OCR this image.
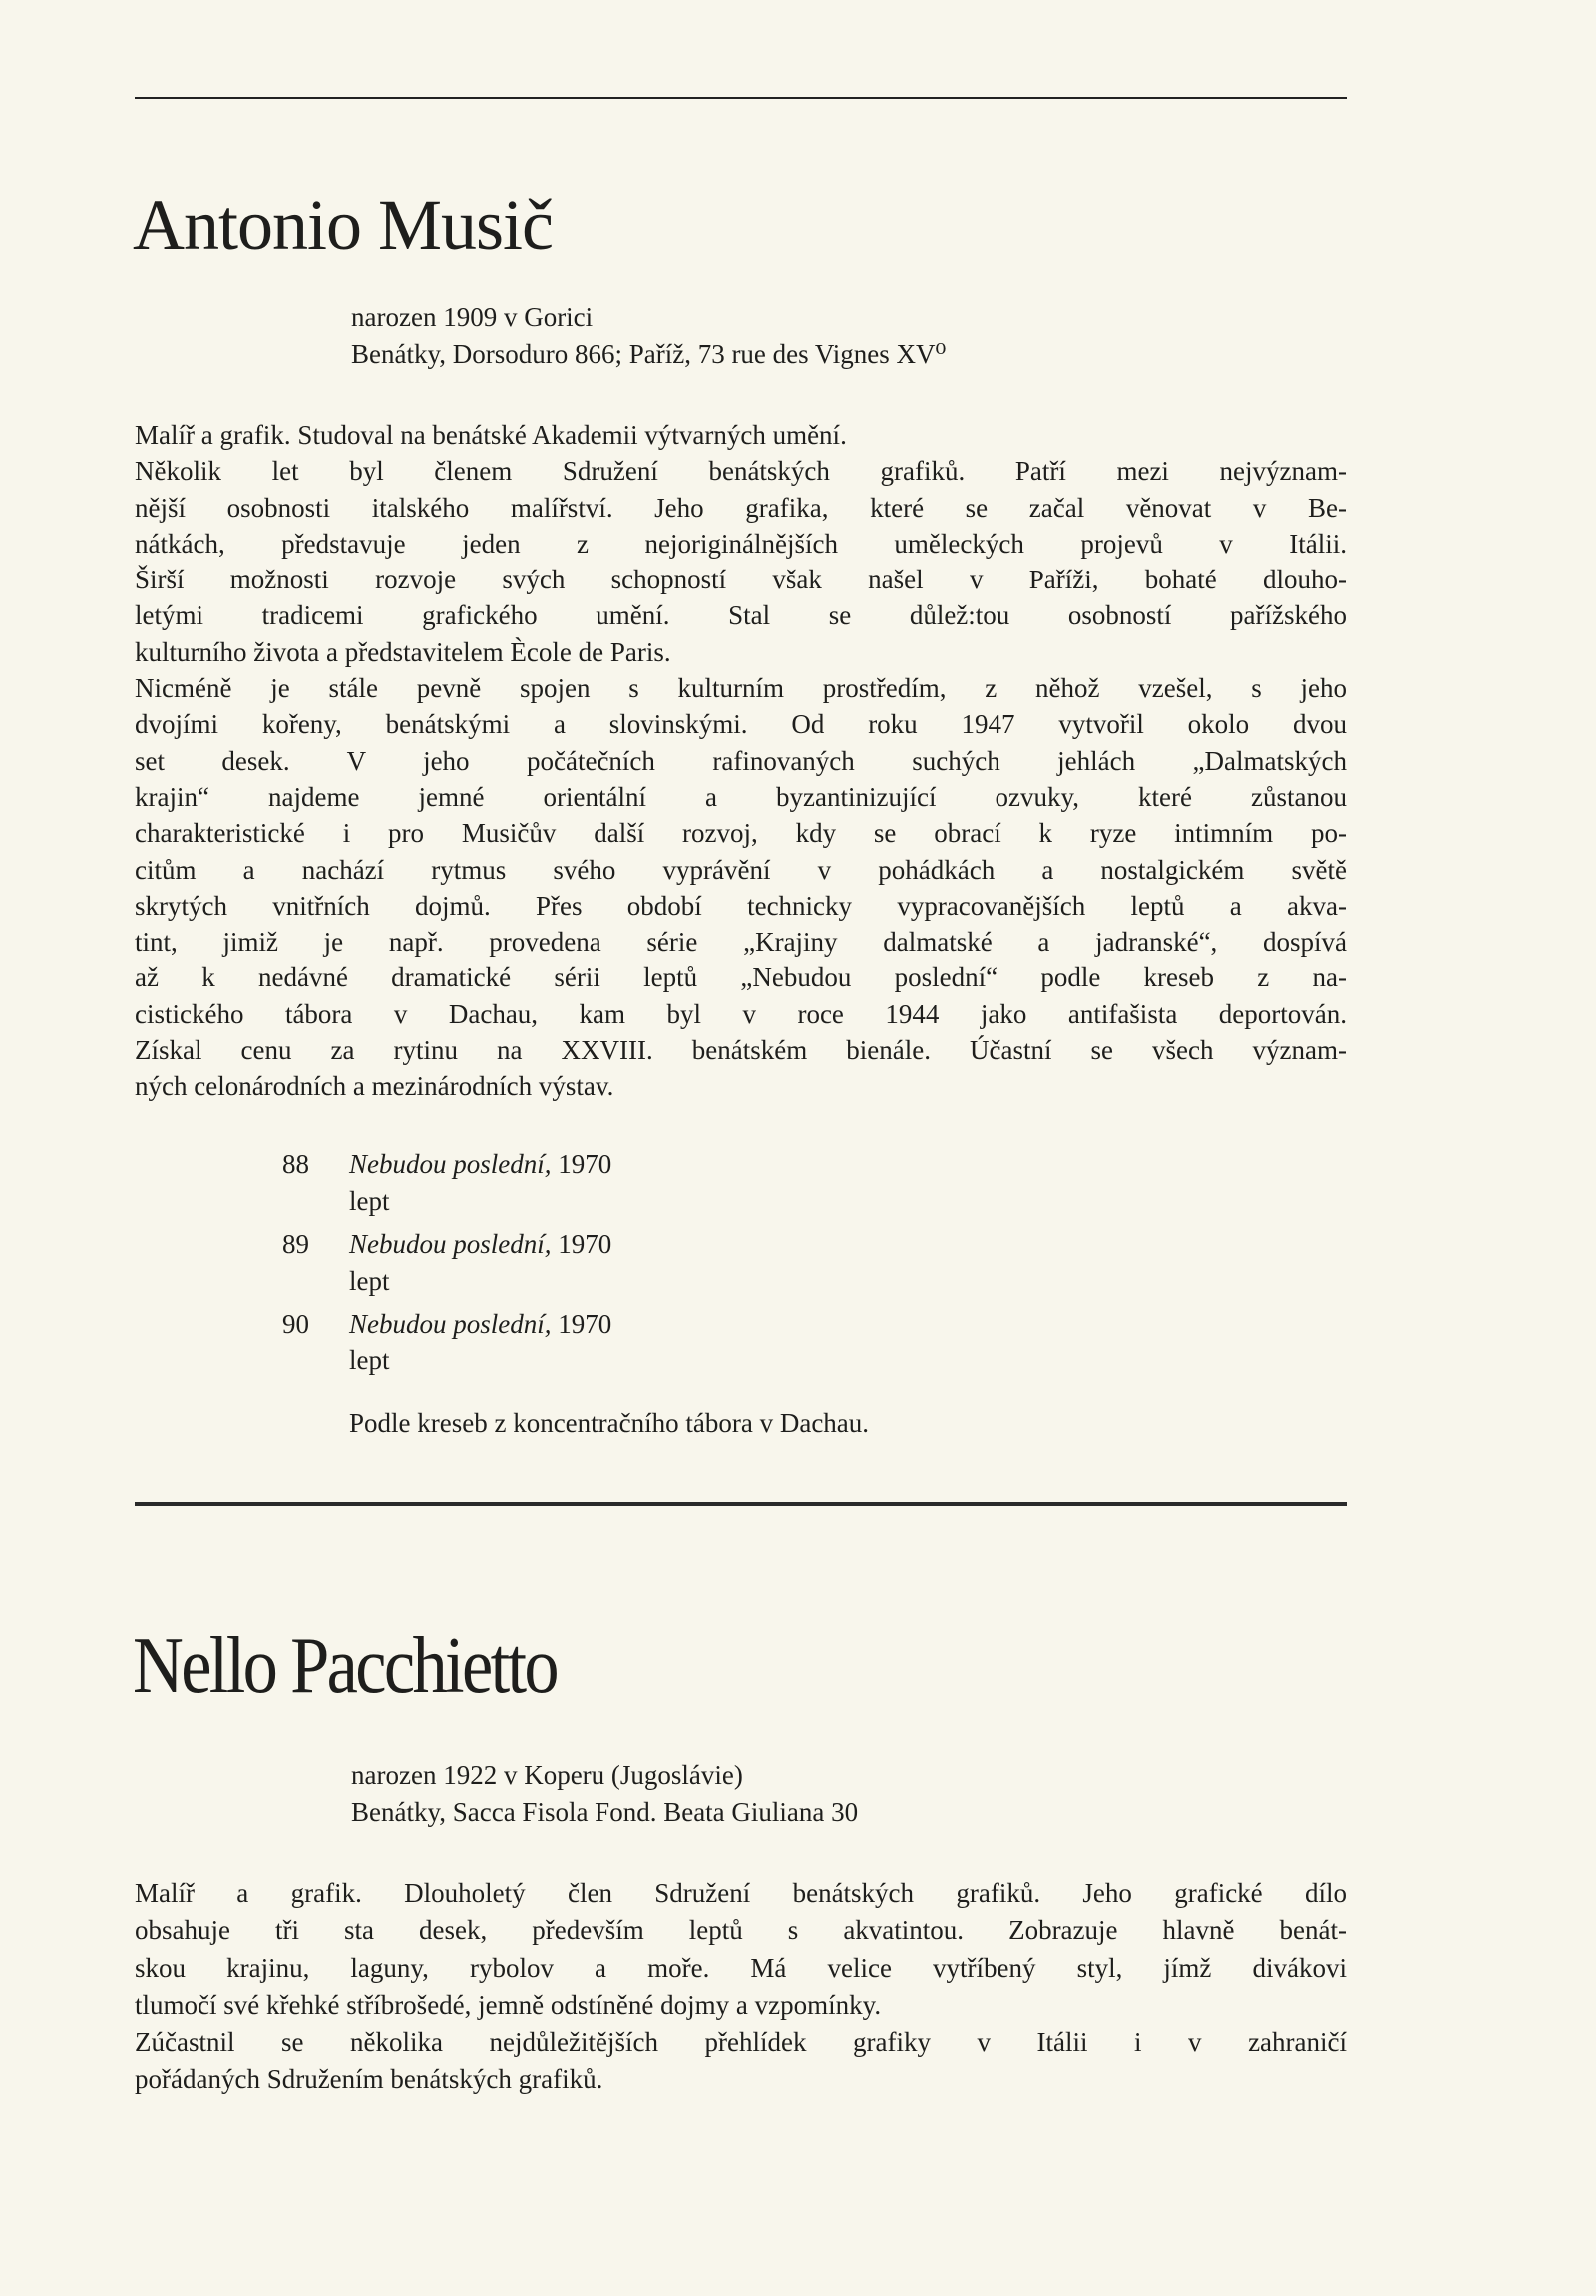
Antonio Musič
narozen 1909 v Gorici
Benátky, Dorsoduro 866; Paříž, 73 rue des Vignes XV⁰
Malíř a grafik. Studoval na benátské Akademii výtvarných umění.
Několik let byl členem Sdružení benátských grafiků. Patří mezi nejvýznam-
nější osobnosti italského malířství. Jeho grafika, které se začal věnovat v Be-
nátkách, představuje jeden z nejoriginálnějších uměleckých projevů v Itálii.
Širší možnosti rozvoje svých schopností však našel v Paříži, bohaté dlouho-
letými tradicemi grafického umění. Stal se důlež:tou osobností pařížského
kulturního života a představitelem Ècole de Paris.
Nicméně je stále pevně spojen s kulturním prostředím, z něhož vzešel, s jeho
dvojími kořeny, benátskými a slovinskými. Od roku 1947 vytvořil okolo dvou
set desek. V jeho počátečních rafinovaných suchých jehlách „Dalmatských
krajin“ najdeme jemné orientální a byzantinizující ozvuky, které zůstanou
charakteristické i pro Musičův další rozvoj, kdy se obrací k ryze intimním po-
citům a nachází rytmus svého vyprávění v pohádkách a nostalgickém světě
skrytých vnitřních dojmů. Přes období technicky vypracovanějších leptů a akva-
tint, jimiž je např. provedena série „Krajiny dalmatské a jadranské“, dospívá
až k nedávné dramatické sérii leptů „Nebudou poslední“ podle kreseb z na-
cistického tábora v Dachau, kam byl v roce 1944 jako antifašista deportován.
Získal cenu za rytinu na XXVIII. benátském bienále. Účastní se všech význam-
ných celonárodních a mezinárodních výstav.
88 Nebudou poslední, 1970
lept
89 Nebudou poslední, 1970
lept
90 Nebudou poslední, 1970
lept
Podle kreseb z koncentračního tábora v Dachau.
Nello Pacchietto
narozen 1922 v Koperu (Jugoslávie)
Benátky, Sacca Fisola Fond. Beata Giuliana 30
Malíř a grafik. Dlouholetý člen Sdružení benátských grafiků. Jeho grafické dílo
obsahuje tři sta desek, především leptů s akvatintou. Zobrazuje hlavně benát-
skou krajinu, laguny, rybolov a moře. Má velice vytříbený styl, jímž divákovi
tlumočí své křehké stříbrošedé, jemně odstíněné dojmy a vzpomínky.
Zúčastnil se několika nejdůležitějších přehlídek grafiky v Itálii i v zahraničí
pořádaných Sdružením benátských grafiků.
